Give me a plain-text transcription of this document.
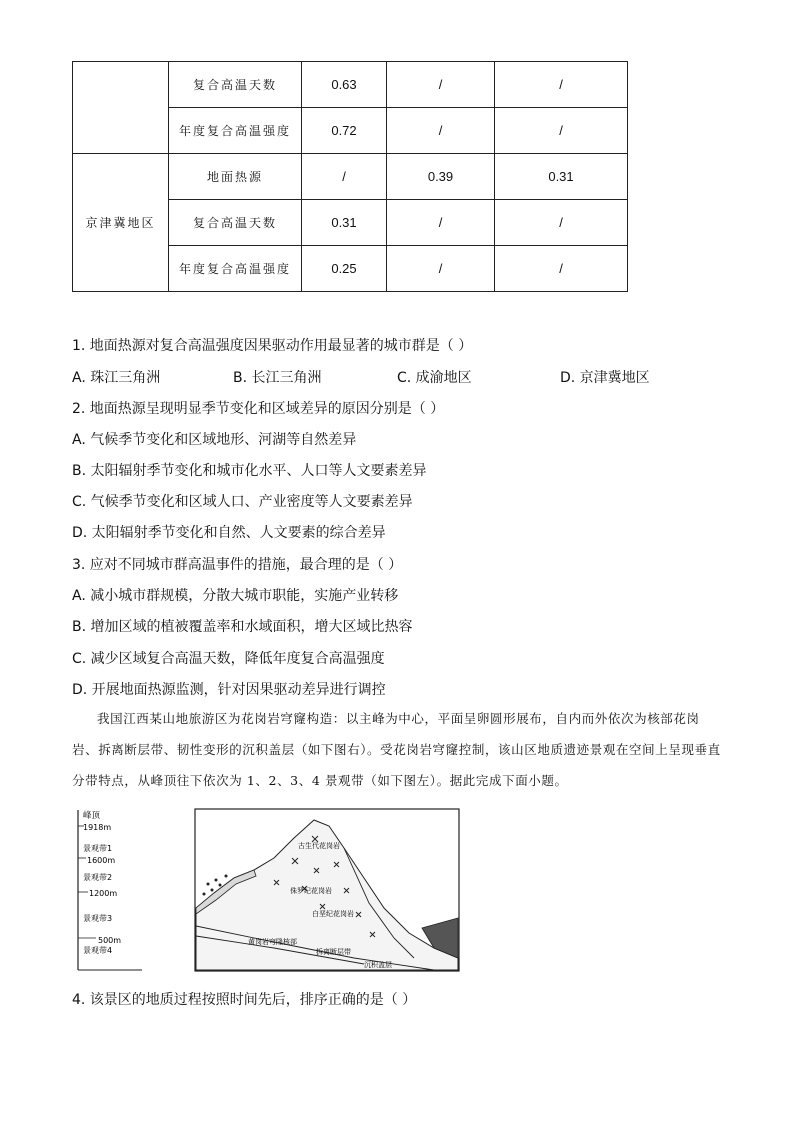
	复合高温天数	0.63	/	/
	年度复合高温强度	0.72	/	/
京津冀地区	地面热源	/	0.39	0.31
	复合高温天数	0.31	/	/
	年度复合高温强度	0.25	/	/
1. 地面热源对复合高温强度因果驱动作用最显著的城市群是（ ）
A. 珠江三角洲	B. 长江三角洲	C. 成渝地区	D. 京津冀地区
2. 地面热源呈现明显季节变化和区域差异的原因分别是（ ）
A. 气候季节变化和区域地形、河湖等自然差异
B. 太阳辐射季节变化和城市化水平、人口等人文要素差异
C. 气候季节变化和区域人口、产业密度等人文要素差异
D. 太阳辐射季节变化和自然、人文要素的综合差异
3. 应对不同城市群高温事件的措施，最合理的是（ ）
A. 减小城市群规模，分散大城市职能，实施产业转移
B. 增加区域的植被覆盖率和水域面积，增大区域比热容
C. 减少区域复合高温天数，降低年度复合高温强度
D. 开展地面热源监测，针对因果驱动差异进行调控
我国江西某山地旅游区为花岗岩穹窿构造：以主峰为中心，平面呈卵圆形展布，自内而外依次为核部花岗岩、拆离断层带、韧性变形的沉积盖层（如下图右）。受花岗岩穹窿控制，该山区地质遗迹景观在空间上呈现垂直分带特点，从峰顶往下依次为 1、2、3、4 景观带（如下图左）。据此完成下面小题。
峰顶
1918m
景观带1
1600m
景观带2
1200m
景观带3
500m
景观带4
古生代花岗岩
侏罗纪花岗岩
白垩纪花岗岩
黄岗岩穹隆核部
拆离断层带
沉积盖层
4. 该景区的地质过程按照时间先后，排序正确的是（ ）
